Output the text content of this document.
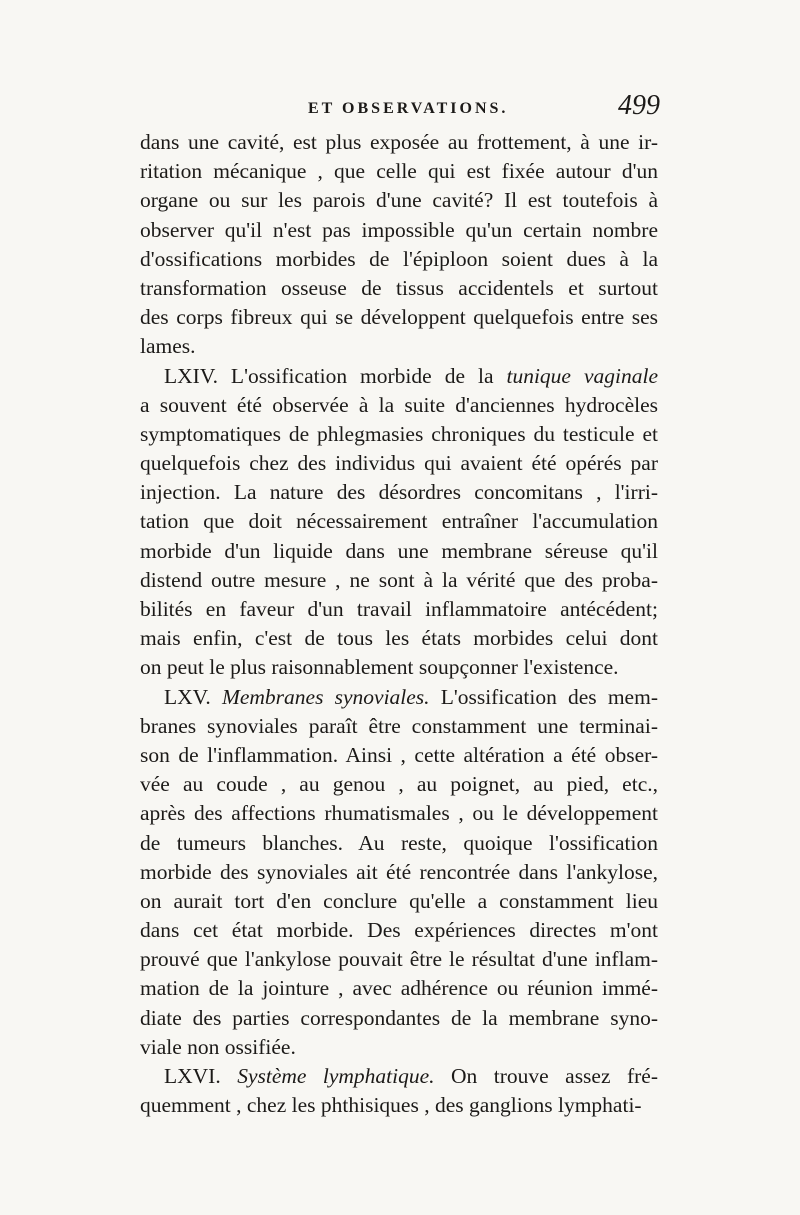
ET OBSERVATIONS.	499
dans une cavité, est plus exposée au frottement, à une ir-
ritation mécanique , que celle qui est fixée autour d'un
organe ou sur les parois d'une cavité? Il est toutefois à
observer qu'il n'est pas impossible qu'un certain nombre
d'ossifications morbides de l'épiploon soient dues à la
transformation osseuse de tissus accidentels et surtout
des corps fibreux qui se développent quelquefois entre ses
lames.
LXIV. L'ossification morbide de la tunique vaginale
a souvent été observée à la suite d'anciennes hydrocèles
symptomatiques de phlegmasies chroniques du testicule et
quelquefois chez des individus qui avaient été opérés par
injection. La nature des désordres concomitans , l'irri-
tation que doit nécessairement entraîner l'accumulation
morbide d'un liquide dans une membrane séreuse qu'il
distend outre mesure , ne sont à la vérité que des proba-
bilités en faveur d'un travail inflammatoire antécédent;
mais enfin, c'est de tous les états morbides celui dont
on peut le plus raisonnablement soupçonner l'existence.
LXV. Membranes synoviales. L'ossification des mem-
branes synoviales paraît être constamment une terminai-
son de l'inflammation. Ainsi , cette altération a été obser-
vée au coude , au genou , au poignet, au pied, etc.,
après des affections rhumatismales , ou le développement
de tumeurs blanches. Au reste, quoique l'ossification
morbide des synoviales ait été rencontrée dans l'ankylose,
on aurait tort d'en conclure qu'elle a constamment lieu
dans cet état morbide. Des expériences directes m'ont
prouvé que l'ankylose pouvait être le résultat d'une inflam-
mation de la jointure , avec adhérence ou réunion immé-
diate des parties correspondantes de la membrane syno-
viale non ossifiée.
LXVI. Système lymphatique. On trouve assez fré-
quemment , chez les phthisiques , des ganglions lymphati-
